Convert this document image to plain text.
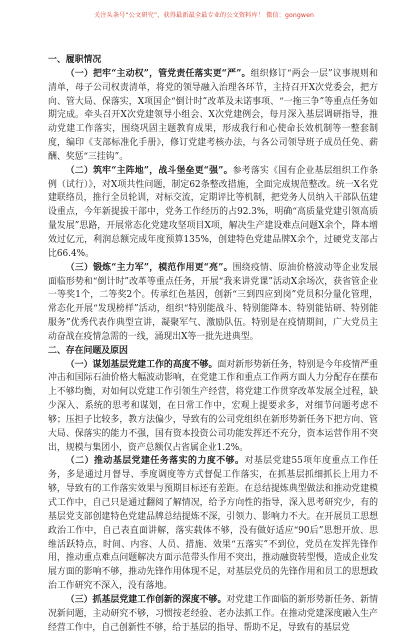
关注头条号“公文研究”，获得最新最全最专业的公文资料库！ 微信：gongwen

一、履职情况

（一）把牢“主动权”，管党责任落实更“严”。组织修订“两会一层”议事规则和清单，母子公司权责清单，将党的领导融入治理各环节，主持召开X次党委会，把方向、管大局、保落实，X项国企“倒计时”改革及未诺事项、“一拖三争”等重点任务如期完成。牵头召开X次党建领导小组会、X次党建例会，每月深入基层调研指导，推动党建工作落实，围绕巩固主题教育成果，形成我行和心使命长效机制等一整套制度，编印《支部标准化手册》，修订党建考核办法，与各公司领导班子成员任免、薪酬、奖惩“三挂钩”。

（二）筑牢“主阵地”，战斗堡垒更“强”。参考落实《国有企业基层组织工作条例（试行）》，对X项共性问题，制定62条整改措施，全面完成规范整改。统一X名党建联络员，推行全员轮训，对标交流，定期评比等机制，把党务人员纳入干部队伍建设重点，今年新提拔干部中，党务工作经历的占92.3%，明确“高质量党建引领高质量发展”思路，开展常态化党建攻坚项目X项，解决生产建设难点问题X余个，降本增效过亿元，利润总额完成年度预算135%，创建特色党建品牌X余个，过硬党支部占比66.4%。

（三）锻炼“主力军”，模范作用更“亮”。围绕疫情、原油价格波动等企业发展面临形势和“倒计时”改革等重点任务，开展“我来讲党课”活动X余场次，获省管企业一等奖1个，二等奖2个。传承红色基因，创新“三到四应到岗”党员积分量化管理，常态化开展“发现榜样”活动，组织“特别能战斗、特别能降本、特别能钻研、特别能服务”优秀代表作典型宣讲，凝聚军气、激励队伍。特别是在疫情期间，广大党员主动奋战在疫情急需的一线，涌现出X等一批先进典型。

二、存在问题及原因

（一）谋划基层党建工作的高度不够。面对新形势新任务，特别是今年疫情严重冲击和国际石油价格大幅波动影响，在党建工作和重点工作两方面人力分配存在摆布上不够均衡，对如何以党建工作引领生产经营，将党建工作贯穿改革发展全过程，缺少深入、系统的思考和谋划，在日常工作中，宏观上提要求多，对细节问题考虑不够；压担子比较多，教方法偏少，导致有的公司党组织在新形势新任务下把方向、管大局、保落实的能力不强，国有资本投资公司功能发挥还不充分，资本运营作用不突出，规模与集团小，资产总额仅占省属企业1.2%。

（二）推动基层党建任务落实的力度不够。对基层党建55项年度重点工作任务，多是通过月督导、季度调度等方式督促工作落实，在抓基层抓细抓长上用力不够，导致有的工作落实效果与预期目标还有差距。在总结提炼典型做法和推动党建模式工作中，自己只是通过翻阅了解情况，给予方向性的指导，深入思考研究少，有的基层党支部创建特色党建品牌总结提炼不深，引领力、影响力不大。在开展员工思想政治工作中，自己表直面讲解，落实载体不够，没有做好适应“90后”思想开放、思维活跃特点，时间、内容、人员、措施、效果“五落实”不到位，党员在发挥先锋作用，推动重点难点问题解决方面示范带头作用不突出，推动融资转型慢，造成企业发展方面的影响不够，推动先锋作用体现不足，对基层党员的先锋作用和员工的思想政治工作研究不深入，没有落地。

（三）抓基层党建工作创新的深度不够。对党建工作面临的新形势新任务、新情况新问题，主动研究不够，习惯按老经验、老办法抓工作。在推动党建深度融入生产经营工作中，自己创新性不够，给于基层的指导、帮助不足，导致有的基层党
